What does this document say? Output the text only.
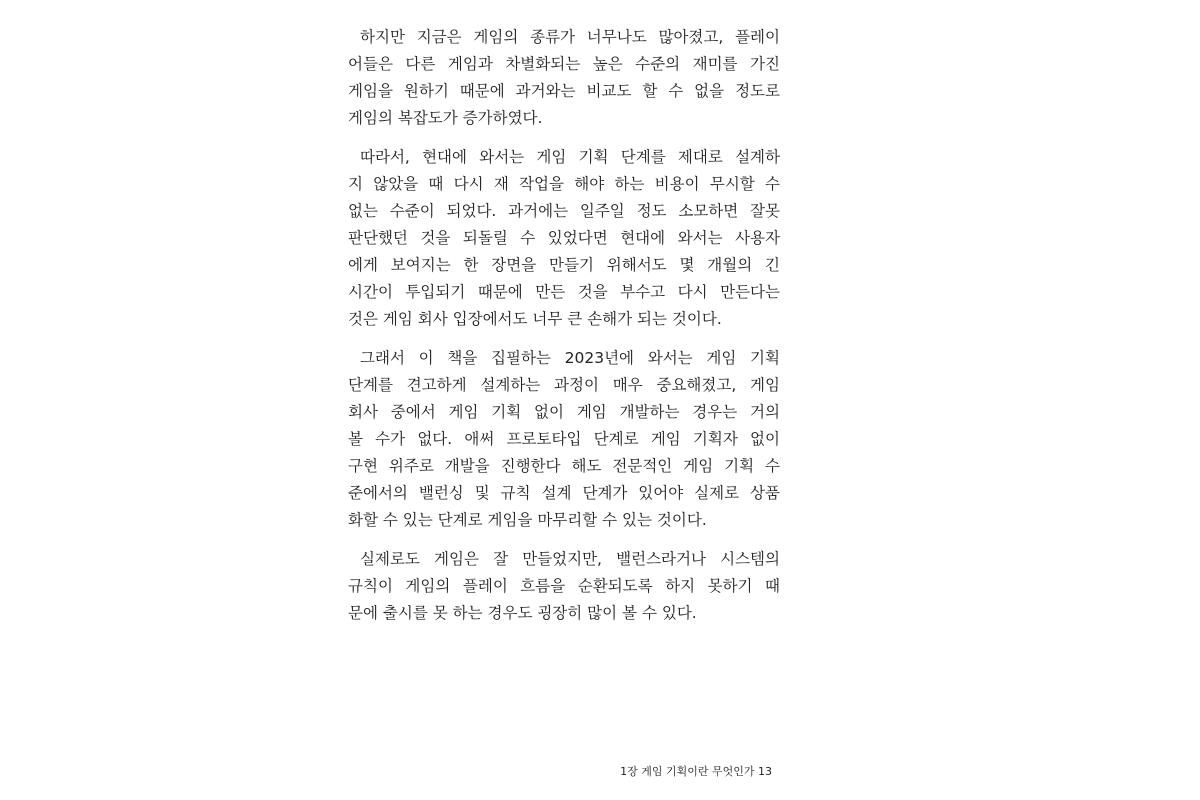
하지만 지금은 게임의 종류가 너무나도 많아졌고, 플레이
어들은 다른 게임과 차별화되는 높은 수준의 재미를 가진
게임을 원하기 때문에 과거와는 비교도 할 수 없을 정도로
게임의 복잡도가 증가하였다.

따라서, 현대에 와서는 게임 기획 단계를 제대로 설계하
지 않았을 때 다시 재 작업을 해야 하는 비용이 무시할 수
없는 수준이 되었다. 과거에는 일주일 정도 소모하면 잘못
판단했던 것을 되돌릴 수 있었다면 현대에 와서는 사용자
에게 보여지는 한 장면을 만들기 위해서도 몇 개월의 긴
시간이 투입되기 때문에 만든 것을 부수고 다시 만든다는
것은 게임 회사 입장에서도 너무 큰 손해가 되는 것이다.

그래서 이 책을 집필하는 2023년에 와서는 게임 기획
단계를 견고하게 설계하는 과정이 매우 중요해졌고, 게임
회사 중에서 게임 기획 없이 게임 개발하는 경우는 거의
볼 수가 없다. 애써 프로토타입 단계로 게임 기획자 없이
구현 위주로 개발을 진행한다 해도 전문적인 게임 기획 수
준에서의 밸런싱 및 규칙 설계 단계가 있어야 실제로 상품
화할 수 있는 단계로 게임을 마무리할 수 있는 것이다.

실제로도 게임은 잘 만들었지만, 밸런스라거나 시스템의
규칙이 게임의 플레이 흐름을 순환되도록 하지 못하기 때
문에 출시를 못 하는 경우도 굉장히 많이 볼 수 있다.

1장 게임 기획이란 무엇인가 13
